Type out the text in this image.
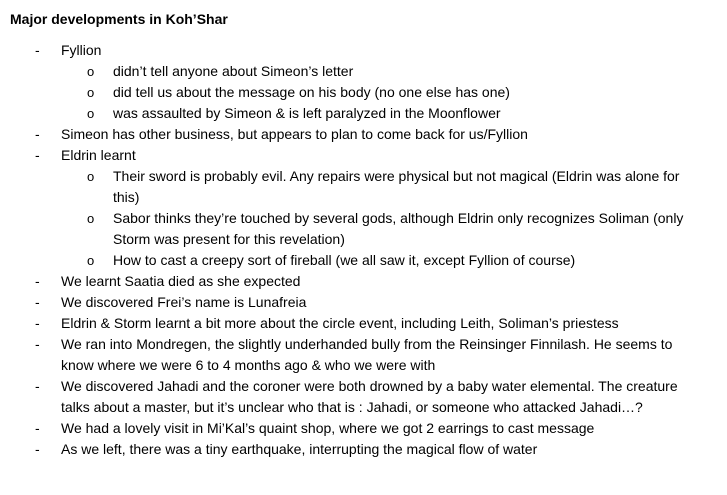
Major developments in Koh’Shar
-	Fyllion
o	didn’t tell anyone about Simeon’s letter
o	did tell us about the message on his body (no one else has one)
o	was assaulted by Simeon & is left paralyzed in the Moonflower
-	Simeon has other business, but appears to plan to come back for us/Fyllion
-	Eldrin learnt
o	Their sword is probably evil. Any repairs were physical but not magical (Eldrin was alone for this)
o	Sabor thinks they’re touched by several gods, although Eldrin only recognizes Soliman (only Storm was present for this revelation)
o	How to cast a creepy sort of fireball (we all saw it, except Fyllion of course)
-	We learnt Saatia died as she expected
-	We discovered Frei’s name is Lunafreia
-	Eldrin & Storm learnt a bit more about the circle event, including Leith, Soliman’s priestess
-	We ran into Mondregen, the slightly underhanded bully from the Reinsinger Finnilash. He seems to know where we were 6 to 4 months ago & who we were with
-	We discovered Jahadi and the coroner were both drowned by a baby water elemental. The creature talks about a master, but it’s unclear who that is : Jahadi, or someone who attacked Jahadi…?
-	We had a lovely visit in Mi’Kal’s quaint shop, where we got 2 earrings to cast message
-	As we left, there was a tiny earthquake, interrupting the magical flow of water
